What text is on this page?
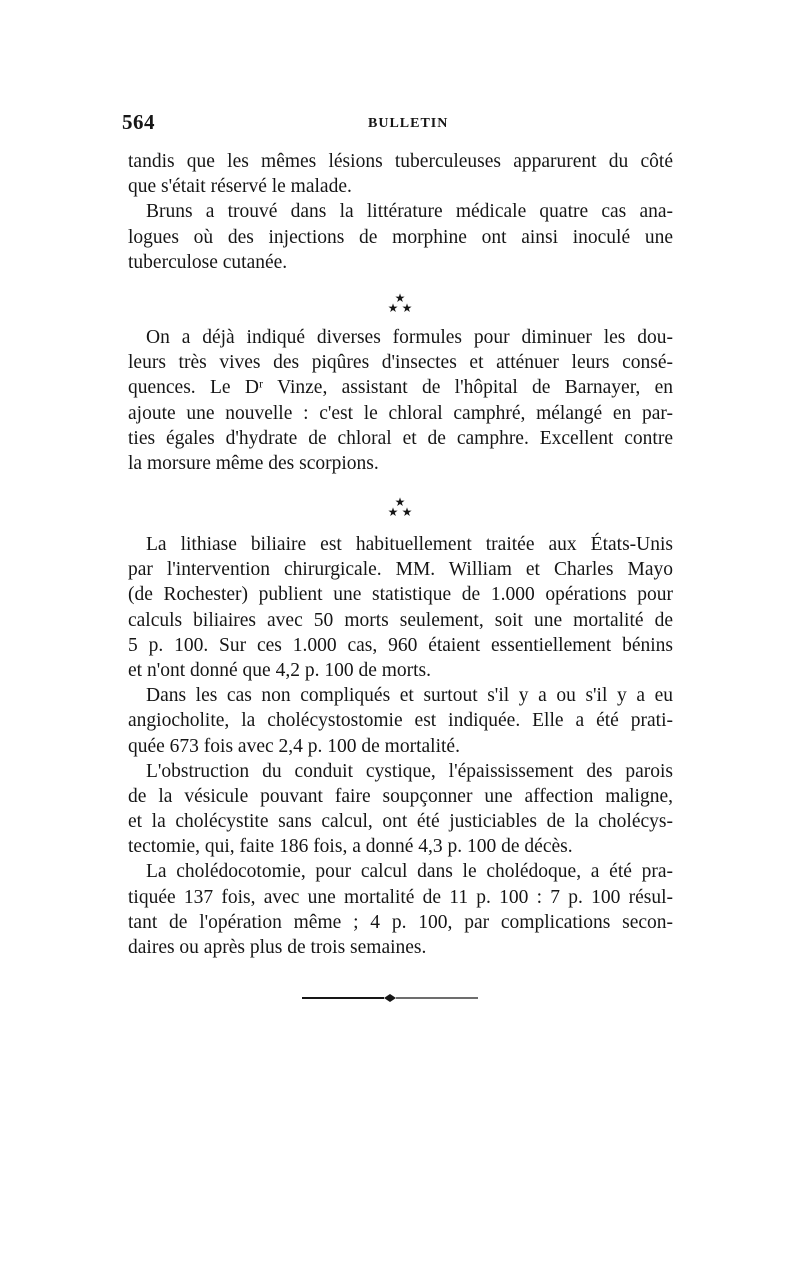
564	BULLETIN
tandis que les mêmes lésions tuberculeuses apparurent du côté
que s'était réservé le malade.
Bruns a trouvé dans la littérature médicale quatre cas ana-
logues où des injections de morphine ont ainsi inoculé une
tuberculose cutanée.
★
★ ★
On a déjà indiqué diverses formules pour diminuer les dou-
leurs très vives des piqûres d'insectes et atténuer leurs consé-
quences. Le Dʳ Vinze, assistant de l'hôpital de Barnayer, en
ajoute une nouvelle : c'est le chloral camphré, mélangé en par-
ties égales d'hydrate de chloral et de camphre. Excellent contre
la morsure même des scorpions.
★
★ ★
La lithiase biliaire est habituellement traitée aux États-Unis
par l'intervention chirurgicale. MM. William et Charles Mayo
(de Rochester) publient une statistique de 1.000 opérations pour
calculs biliaires avec 50 morts seulement, soit une mortalité de
5 p. 100. Sur ces 1.000 cas, 960 étaient essentiellement bénins
et n'ont donné que 4,2 p. 100 de morts.
Dans les cas non compliqués et surtout s'il y a ou s'il y a eu
angiocholite, la cholécystostomie est indiquée. Elle a été prati-
quée 673 fois avec 2,4 p. 100 de mortalité.
L'obstruction du conduit cystique, l'épaississement des parois
de la vésicule pouvant faire soupçonner une affection maligne,
et la cholécystite sans calcul, ont été justiciables de la cholécys-
tectomie, qui, faite 186 fois, a donné 4,3 p. 100 de décès.
La cholédocotomie, pour calcul dans le cholédoque, a été pra-
tiquée 137 fois, avec une mortalité de 11 p. 100 : 7 p. 100 résul-
tant de l'opération même ; 4 p. 100, par complications secon-
daires ou après plus de trois semaines.
